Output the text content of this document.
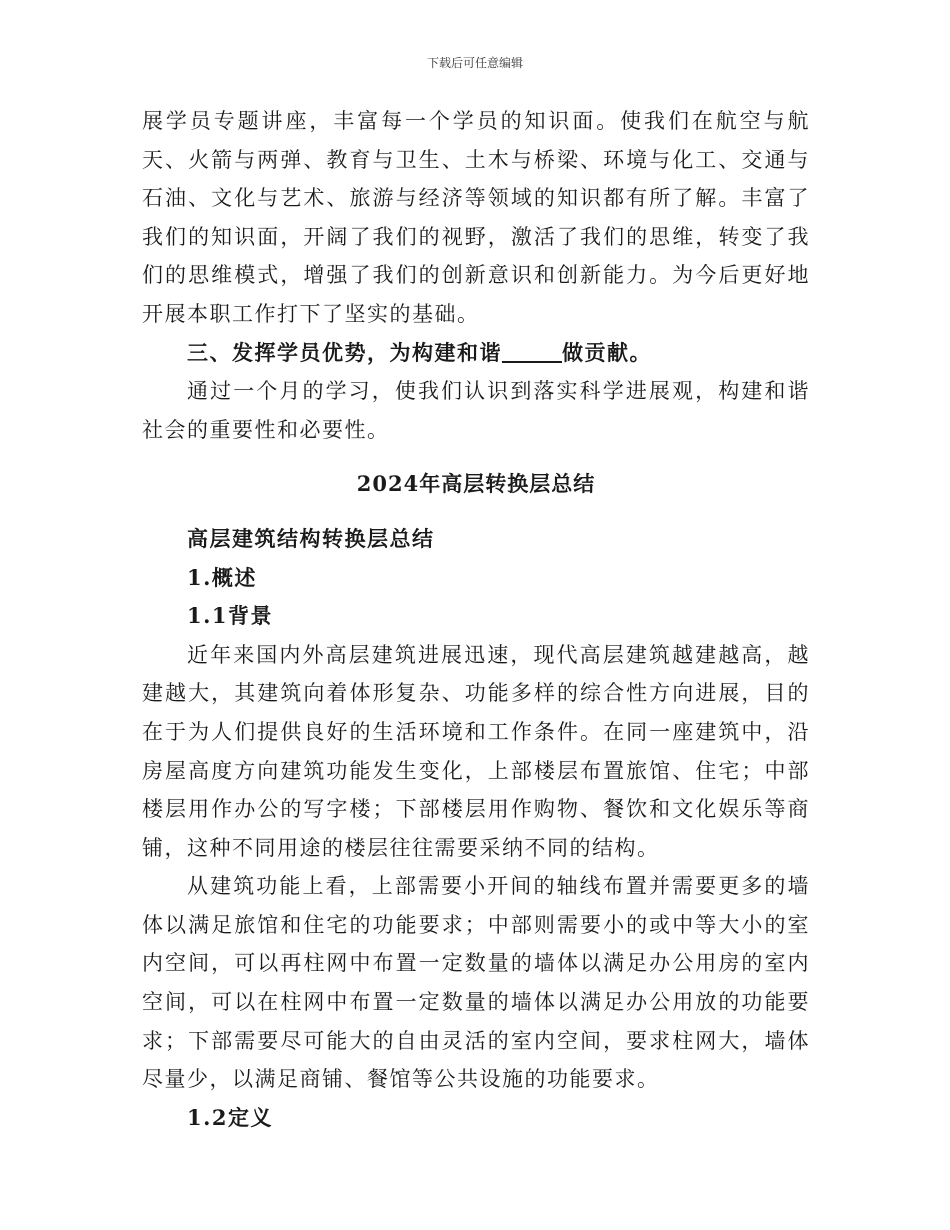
下载后可任意编辑

展学员专题讲座，丰富每一个学员的知识面。使我们在航空与航天、火箭与两弹、教育与卫生、土木与桥梁、环境与化工、交通与石油、文化与艺术、旅游与经济等领域的知识都有所了解。丰富了我们的知识面，开阔了我们的视野，激活了我们的思维，转变了我们的思维模式，增强了我们的创新意识和创新能力。为今后更好地开展本职工作打下了坚实的基础。

三、发挥学员优势，为构建和谐	做贡献。

通过一个月的学习，使我们认识到落实科学进展观，构建和谐社会的重要性和必要性。

2024年高层转换层总结

高层建筑结构转换层总结

1.概述

1.1背景

近年来国内外高层建筑进展迅速，现代高层建筑越建越高，越建越大，其建筑向着体形复杂、功能多样的综合性方向进展，目的在于为人们提供良好的生活环境和工作条件。在同一座建筑中，沿房屋高度方向建筑功能发生变化，上部楼层布置旅馆、住宅；中部楼层用作办公的写字楼；下部楼层用作购物、餐饮和文化娱乐等商铺，这种不同用途的楼层往往需要采纳不同的结构。

从建筑功能上看，上部需要小开间的轴线布置并需要更多的墙体以满足旅馆和住宅的功能要求；中部则需要小的或中等大小的室内空间，可以再柱网中布置一定数量的墙体以满足办公用房的室内空间，可以在柱网中布置一定数量的墙体以满足办公用放的功能要求；下部需要尽可能大的自由灵活的室内空间，要求柱网大，墙体尽量少，以满足商铺、餐馆等公共设施的功能要求。

1.2定义
